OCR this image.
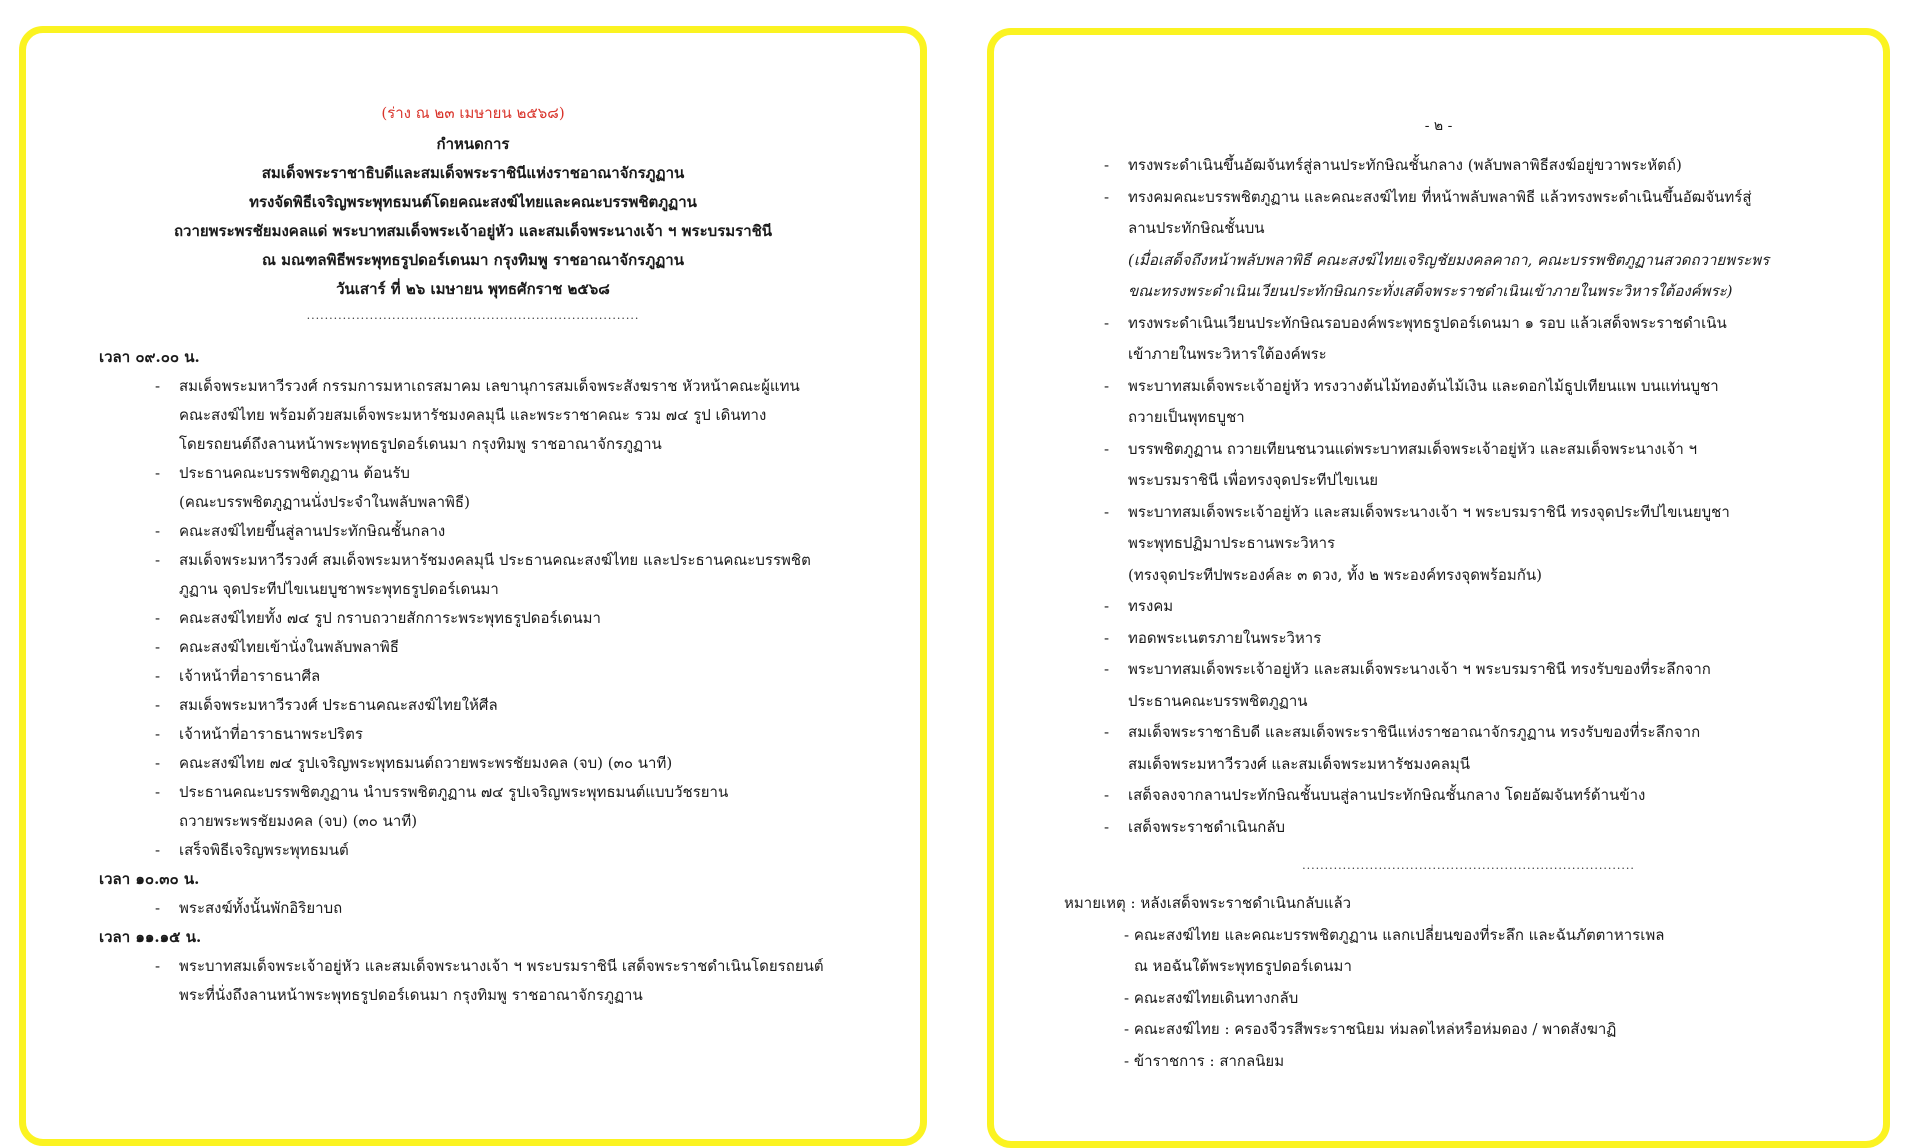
(ร่าง ณ ๒๓ เมษายน ๒๕๖๘)
กำหนดการ
สมเด็จพระราชาธิบดีและสมเด็จพระราชินีแห่งราชอาณาจักรภูฏาน
ทรงจัดพิธีเจริญพระพุทธมนต์โดยคณะสงฆ์ไทยและคณะบรรพชิตภูฏาน
ถวายพระพรชัยมงคลแด่ พระบาทสมเด็จพระเจ้าอยู่หัว และสมเด็จพระนางเจ้า ฯ พระบรมราชินี
ณ มณฑลพิธีพระพุทธรูปดอร์เดนมา กรุงทิมพู ราชอาณาจักรภูฏาน
วันเสาร์ ที่ ๒๖ เมษายน พุทธศักราช ๒๕๖๘
..........................................................................
เวลา ๐๙.๐๐ น.
- สมเด็จพระมหาวีรวงศ์ กรรมการมหาเถรสมาคม เลขานุการสมเด็จพระสังฆราช หัวหน้าคณะผู้แทน
คณะสงฆ์ไทย พร้อมด้วยสมเด็จพระมหารัชมงคลมุนี และพระราชาคณะ รวม ๗๔ รูป เดินทาง
โดยรถยนต์ถึงลานหน้าพระพุทธรูปดอร์เดนมา กรุงทิมพู ราชอาณาจักรภูฏาน
- ประธานคณะบรรพชิตภูฏาน ต้อนรับ
(คณะบรรพชิตภูฏานนั่งประจำในพลับพลาพิธี)
- คณะสงฆ์ไทยขึ้นสู่ลานประทักษิณชั้นกลาง
- สมเด็จพระมหาวีรวงศ์ สมเด็จพระมหารัชมงคลมุนี ประธานคณะสงฆ์ไทย และประธานคณะบรรพชิต
ภูฏาน จุดประทีปไขเนยบูชาพระพุทธรูปดอร์เดนมา
- คณะสงฆ์ไทยทั้ง ๗๔ รูป กราบถวายสักการะพระพุทธรูปดอร์เดนมา
- คณะสงฆ์ไทยเข้านั่งในพลับพลาพิธี
- เจ้าหน้าที่อาราธนาศีล
- สมเด็จพระมหาวีรวงศ์ ประธานคณะสงฆ์ไทยให้ศีล
- เจ้าหน้าที่อาราธนาพระปริตร
- คณะสงฆ์ไทย ๗๔ รูปเจริญพระพุทธมนต์ถวายพระพรชัยมงคล (จบ) (๓๐ นาที)
- ประธานคณะบรรพชิตภูฏาน นำบรรพชิตภูฏาน ๗๔ รูปเจริญพระพุทธมนต์แบบวัชรยาน
ถวายพระพรชัยมงคล (จบ) (๓๐ นาที)
- เสร็จพิธีเจริญพระพุทธมนต์
เวลา ๑๐.๓๐ น.
- พระสงฆ์ทั้งนั้นพักอิริยาบถ
เวลา ๑๑.๑๕ น.
- พระบาทสมเด็จพระเจ้าอยู่หัว และสมเด็จพระนางเจ้า ฯ พระบรมราชินี เสด็จพระราชดำเนินโดยรถยนต์
พระที่นั่งถึงลานหน้าพระพุทธรูปดอร์เดนมา กรุงทิมพู ราชอาณาจักรภูฏาน
- ๒ -
- ทรงพระดำเนินขึ้นอัฒจันทร์สู่ลานประทักษิณชั้นกลาง (พลับพลาพิธีสงฆ์อยู่ขวาพระหัตถ์)
- ทรงคมคณะบรรพชิตภูฏาน และคณะสงฆ์ไทย ที่หน้าพลับพลาพิธี แล้วทรงพระดำเนินขึ้นอัฒจันทร์สู่
ลานประทักษิณชั้นบน
(เมื่อเสด็จถึงหน้าพลับพลาพิธี คณะสงฆ์ไทยเจริญชัยมงคลคาถา, คณะบรรพชิตภูฏานสวดถวายพระพร
ขณะทรงพระดำเนินเวียนประทักษิณกระทั่งเสด็จพระราชดำเนินเข้าภายในพระวิหารใต้องค์พระ)
- ทรงพระดำเนินเวียนประทักษิณรอบองค์พระพุทธรูปดอร์เดนมา ๑ รอบ แล้วเสด็จพระราชดำเนิน
เข้าภายในพระวิหารใต้องค์พระ
- พระบาทสมเด็จพระเจ้าอยู่หัว ทรงวางต้นไม้ทองต้นไม้เงิน และดอกไม้ธูปเทียนแพ บนแท่นบูชา
ถวายเป็นพุทธบูชา
- บรรพชิตภูฏาน ถวายเทียนชนวนแด่พระบาทสมเด็จพระเจ้าอยู่หัว และสมเด็จพระนางเจ้า ฯ
พระบรมราชินี เพื่อทรงจุดประทีปไขเนย
- พระบาทสมเด็จพระเจ้าอยู่หัว และสมเด็จพระนางเจ้า ฯ พระบรมราชินี ทรงจุดประทีปไขเนยบูชา
พระพุทธปฏิมาประธานพระวิหาร
(ทรงจุดประทีปพระองค์ละ ๓ ดวง, ทั้ง ๒ พระองค์ทรงจุดพร้อมกัน)
- ทรงคม
- ทอดพระเนตรภายในพระวิหาร
- พระบาทสมเด็จพระเจ้าอยู่หัว และสมเด็จพระนางเจ้า ฯ พระบรมราชินี ทรงรับของที่ระลึกจาก
ประธานคณะบรรพชิตภูฏาน
- สมเด็จพระราชาธิบดี และสมเด็จพระราชินีแห่งราชอาณาจักรภูฏาน ทรงรับของที่ระลึกจาก
สมเด็จพระมหาวีรวงศ์ และสมเด็จพระมหารัชมงคลมุนี
- เสด็จลงจากลานประทักษิณชั้นบนสู่ลานประทักษิณชั้นกลาง โดยอัฒจันทร์ด้านข้าง
- เสด็จพระราชดำเนินกลับ
..........................................................................
หมายเหตุ : หลังเสด็จพระราชดำเนินกลับแล้ว
- คณะสงฆ์ไทย และคณะบรรพชิตภูฏาน แลกเปลี่ยนของที่ระลึก และฉันภัตตาหารเพล
ณ หอฉันใต้พระพุทธรูปดอร์เดนมา
- คณะสงฆ์ไทยเดินทางกลับ
- คณะสงฆ์ไทย : ครองจีวรสีพระราชนิยม ห่มลดไหล่หรือห่มดอง / พาดสังฆาฏิ
- ข้าราชการ : สากลนิยม
